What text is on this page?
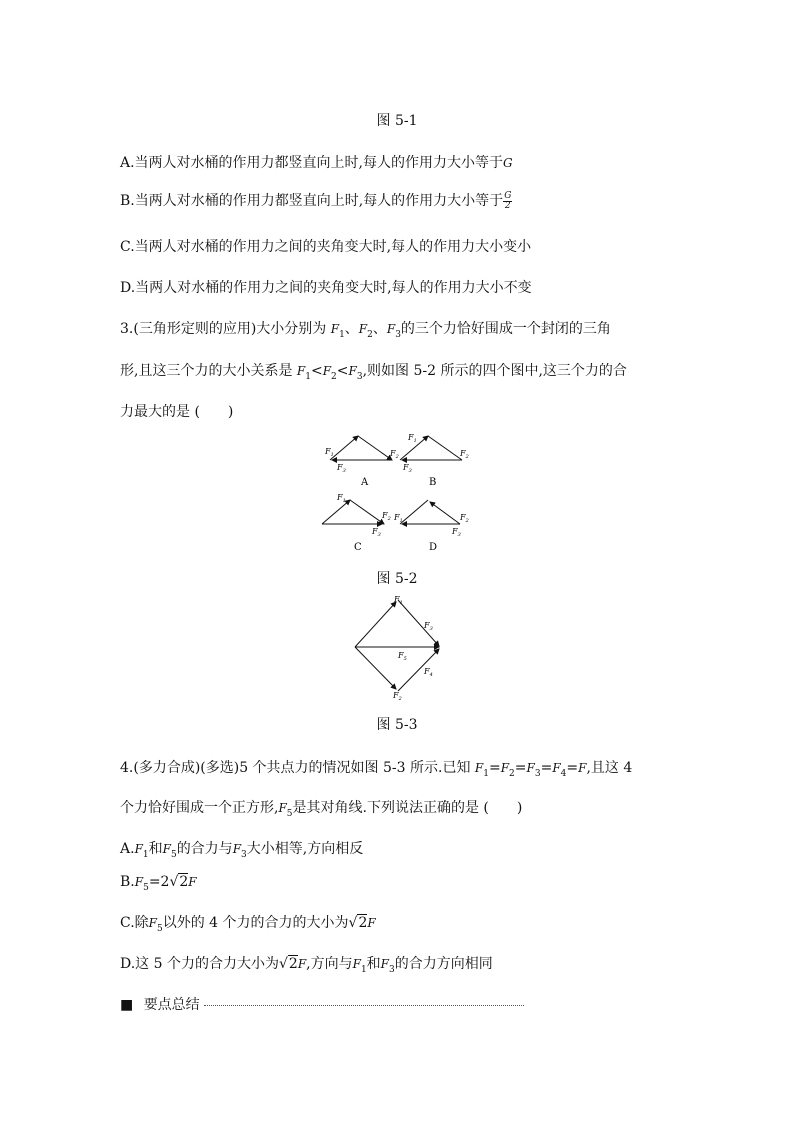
图 5-1
A.当两人对水桶的作用力都竖直向上时,每人的作用力大小等于G
B.当两人对水桶的作用力都竖直向上时,每人的作用力大小等于 $\frac{G}{2}$
C.当两人对水桶的作用力之间的夹角变大时,每人的作用力大小变小
D.当两人对水桶的作用力之间的夹角变大时,每人的作用力大小不变
3.(三角形定则的应用)大小分别为 $F_1$、$F_2$、$F_3$的三个力恰好围成一个封闭的三角
形,且这三个力的大小关系是 $F_1<F_2<F_3$,则如图 5-2 所示的四个图中,这三个力的合
力最大的是 (　　)
$F_1$	$F_2$
$F_3$
A
$F_1$
$F_2$
$F_3$
B
$F_1$
$F_2$
$F_3$
C
$F_1$	$F_2$
$F_3$
D
图 5-2
$F_1$
$F_3$
$F_5$
$F_4$
$F_2$
图 5-3
4.(多力合成)(多选)5 个共点力的情况如图 5-3 所示.已知 $F_1=F_2=F_3=F_4=F$,且这 4
个力恰好围成一个正方形$,F_5$是其对角线.下列说法正确的是 (　　)
$A.F_1$和$F_5$的合力与$F_3$大小相等,方向相反
$B.F_5=2√2F$
C.除$F_5$以外的 4 个力的合力的大小为√2F
D.这 5 个力的合力大小为√2F,方向与$F_1$和$F_3$的合力方向相同
■ 要点总结
